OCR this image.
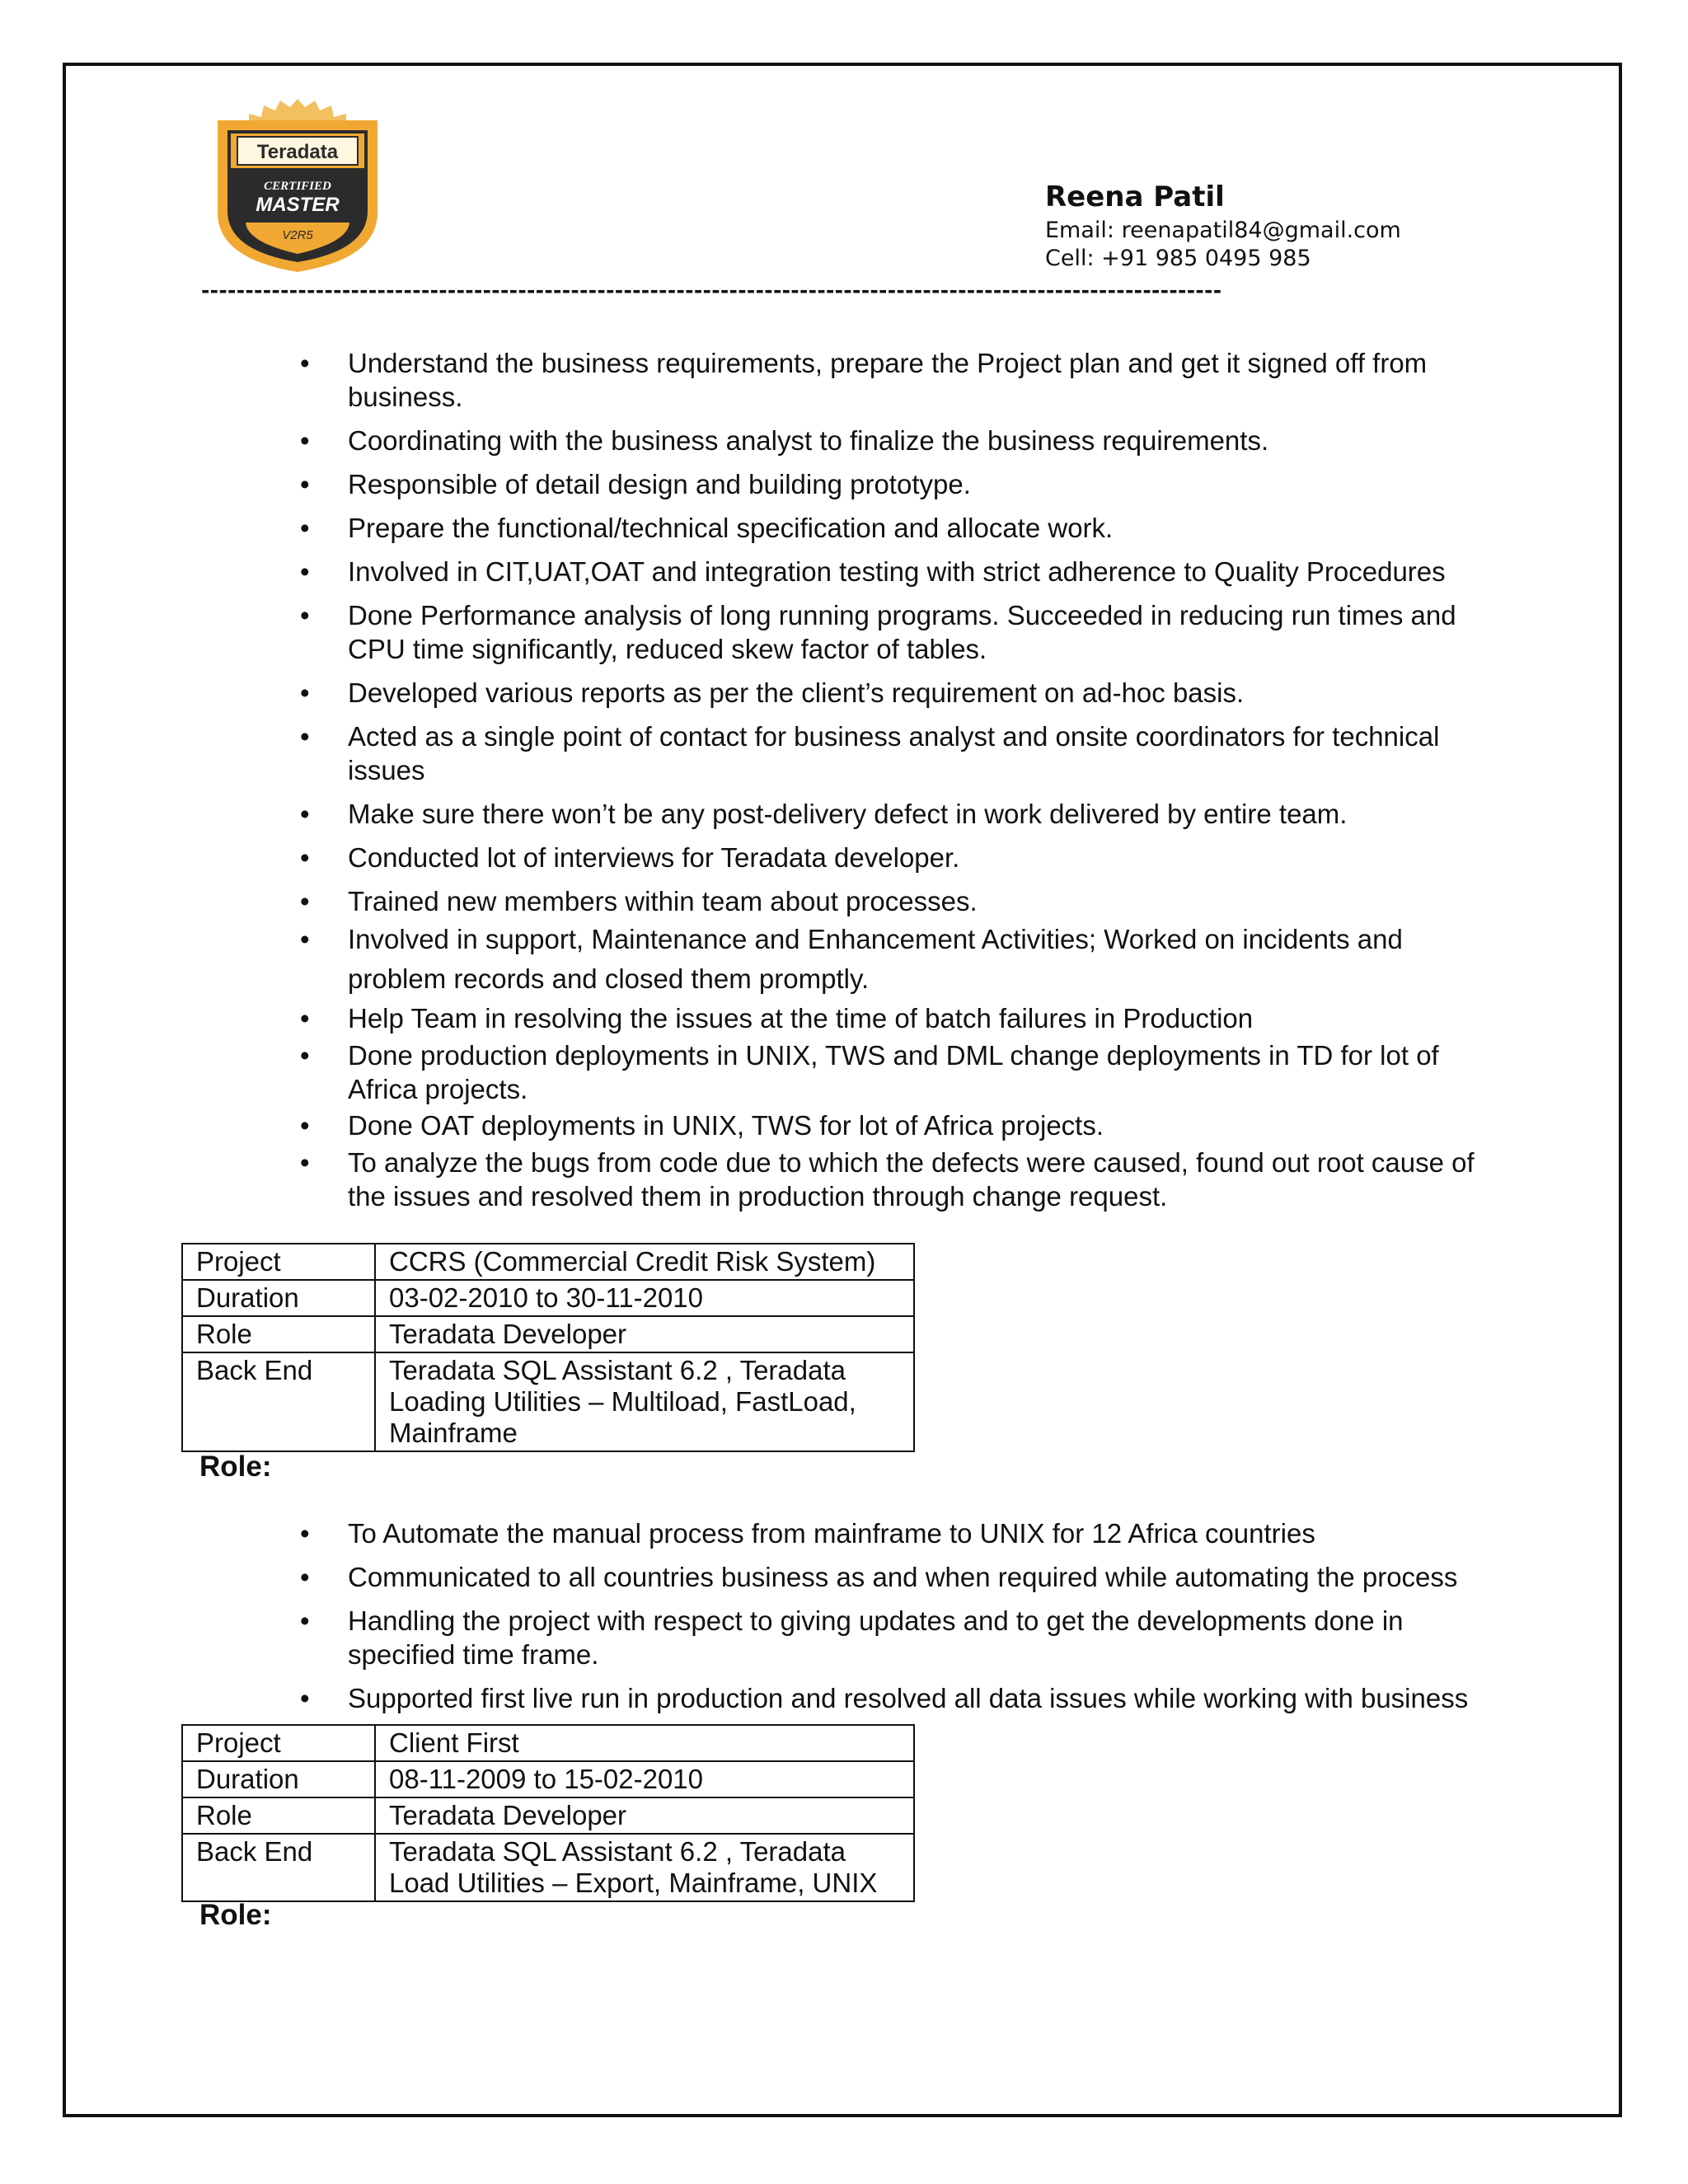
Teradata
CERTIFIED
MASTER
V2R5
Reena Patil
Email: reenapatil84@gmail.com
Cell: +91 985 0495 985
--------------------------------------------------------------------------------------------------------------------
• Understand the business requirements, prepare the Project plan and get it signed off from business.
• Coordinating with the business analyst to finalize the business requirements.
• Responsible of detail design and building prototype.
• Prepare the functional/technical specification and allocate work.
• Involved in CIT,UAT,OAT and integration testing with strict adherence to Quality Procedures
• Done Performance analysis of long running programs. Succeeded in reducing run times and CPU time significantly, reduced skew factor of tables.
• Developed various reports as per the client’s requirement on ad-hoc basis.
• Acted as a single point of contact for business analyst and onsite coordinators for technical issues
• Make sure there won’t be any post-delivery defect in work delivered by entire team.
• Conducted lot of interviews for Teradata developer.
• Trained new members within team about processes.
• Involved in support, Maintenance and Enhancement Activities; Worked on incidents and problem records and closed them promptly.
• Help Team in resolving the issues at the time of batch failures in Production
• Done production deployments in UNIX, TWS and DML change deployments in TD for lot of Africa projects.
• Done OAT deployments in UNIX, TWS for lot of Africa projects.
• To analyze the bugs from code due to which the defects were caused, found out root cause of the issues and resolved them in production through change request.
Project	CCRS (Commercial Credit Risk System)
Duration	03-02-2010 to 30-11-2010
Role	Teradata Developer
Back End	Teradata SQL Assistant 6.2 , Teradata Loading Utilities – Multiload, FastLoad, Mainframe
Role:
• To Automate the manual process from mainframe to UNIX for 12 Africa countries
• Communicated to all countries business as and when required while automating the process
• Handling the project with respect to giving updates and to get the developments done in specified time frame.
• Supported first live run in production and resolved all data issues while working with business
Project	Client First
Duration	08-11-2009 to 15-02-2010
Role	Teradata Developer
Back End	Teradata SQL Assistant 6.2 , Teradata Load Utilities – Export, Mainframe, UNIX
Role:
